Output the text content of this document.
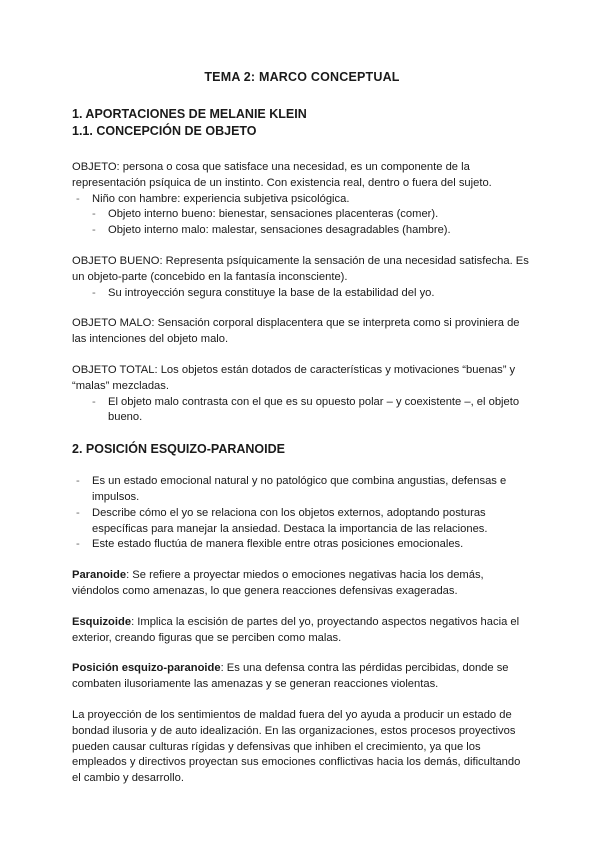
TEMA 2: MARCO CONCEPTUAL
1. APORTACIONES DE MELANIE KLEIN
1.1. CONCEPCIÓN DE OBJETO

OBJETO: persona o cosa que satisface una necesidad, es un componente de la representación psíquica de un instinto. Con existencia real, dentro o fuera del sujeto.

- Niño con hambre: experiencia subjetiva psicológica.
- Objeto interno bueno: bienestar, sensaciones placenteras (comer).
- Objeto interno malo: malestar, sensaciones desagradables (hambre).

OBJETO BUENO: Representa psíquicamente la sensación de una necesidad satisfecha. Es un objeto-parte (concebido en la fantasía inconsciente).

- Su introyección segura constituye la base de la estabilidad del yo.

OBJETO MALO: Sensación corporal displacentera que se interpreta como si proviniera de las intenciones del objeto malo.

OBJETO TOTAL: Los objetos están dotados de características y motivaciones “buenas” y “malas” mezcladas.

- El objeto malo contrasta con el que es su opuesto polar – y coexistente –, el objeto bueno.
2. POSICIÓN ESQUIZO-PARANOIDE
- Es un estado emocional natural y no patológico que combina angustias, defensas e impulsos.
- Describe cómo el yo se relaciona con los objetos externos, adoptando posturas específicas para manejar la ansiedad. Destaca la importancia de las relaciones.
- Este estado fluctúa de manera flexible entre otras posiciones emocionales.

Paranoide: Se refiere a proyectar miedos o emociones negativas hacia los demás, viéndolos como amenazas, lo que genera reacciones defensivas exageradas.

Esquizoide: Implica la escisión de partes del yo, proyectando aspectos negativos hacia el exterior, creando figuras que se perciben como malas.

Posición esquizo-paranoide: Es una defensa contra las pérdidas percibidas, donde se combaten ilusoriamente las amenazas y se generan reacciones violentas.

La proyección de los sentimientos de maldad fuera del yo ayuda a producir un estado de bondad ilusoria y de auto idealización. En las organizaciones, estos procesos proyectivos pueden causar culturas rígidas y defensivas que inhiben el crecimiento, ya que los empleados y directivos proyectan sus emociones conflictivas hacia los demás, dificultando el cambio y desarrollo.
